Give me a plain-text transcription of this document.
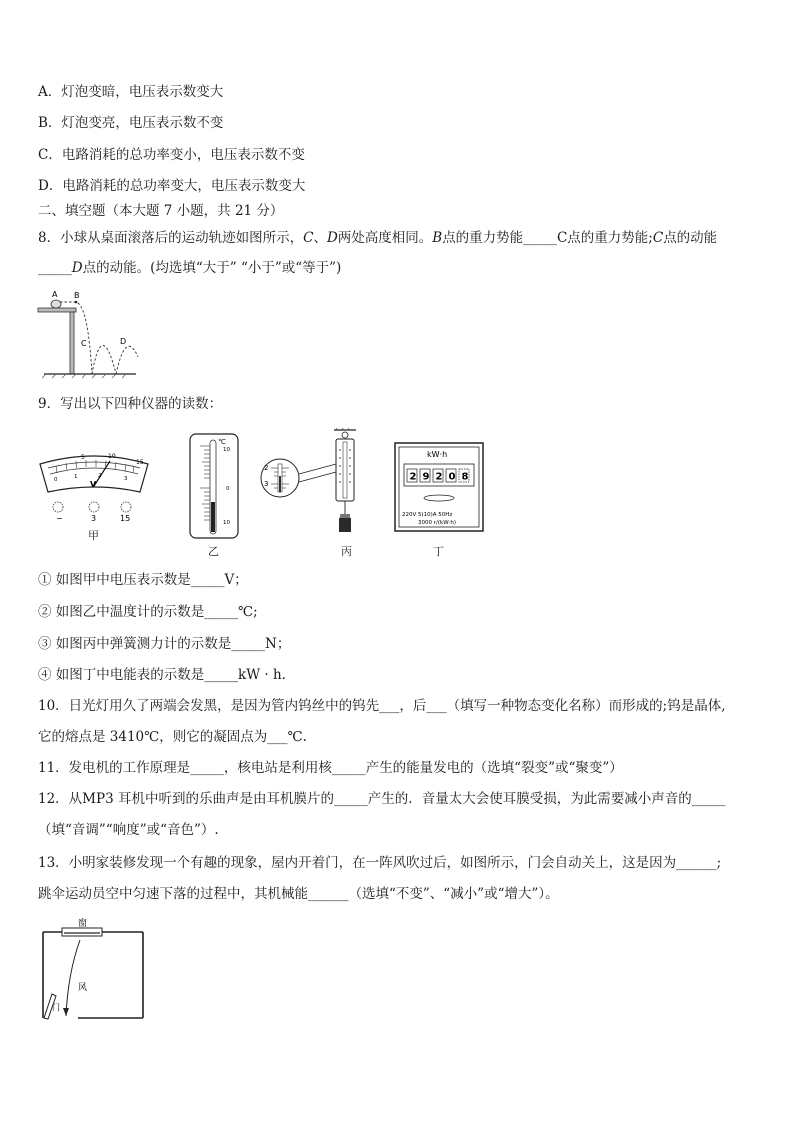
A．灯泡变暗，电压表示数变大
B．灯泡变亮，电压表示数不变
C．电路消耗的总功率变小，电压表示数不变
D．电路消耗的总功率变大，电压表示数变大
二、填空题（本大题 7 小题，共 21 分）
8．小球从桌面滚落后的运动轨迹如图所示，C、D两处高度相同。B点的重力势能_____C点的重力势能;C点的动能
_____D点的动能。(均选填“大于” “小于”或“等于”)
A B
C	D
9．写出以下四种仪器的读数：
5	10
15
0	1	2	3
V
−	3	15
甲
℃
10
0
10
乙
2
3
丙
kW·h
2 9 2 0 8
220V 5(10)A 50Hz
3000 r/(kW·h)
丁
① 如图甲中电压表示数是_____V；
② 如图乙中温度计的示数是_____℃;
③ 如图丙中弹簧测力计的示数是_____N；
④ 如图丁中电能表的示数是_____kW · h.
10．日光灯用久了两端会发黑，是因为管内钨丝中的钨先___，后___（填写一种物态变化名称）而形成的;钨是晶体,
它的熔点是 3410℃，则它的凝固点为___℃.
11．发电机的工作原理是_____，核电站是利用核_____产生的能量发电的（选填“裂变”或“聚变”）
12．从MP3 耳机中听到的乐曲声是由耳机膜片的_____产生的．音量太大会使耳膜受损，为此需要减小声音的_____
（填“音调”“响度”或“音色”）.
13．小明家装修发现一个有趣的现象，屋内开着门，在一阵风吹过后，如图所示，门会自动关上，这是因为______;
跳伞运动员空中匀速下落的过程中，其机械能______（选填“不变”、“减小”或“增大”）。
窗
风
门
